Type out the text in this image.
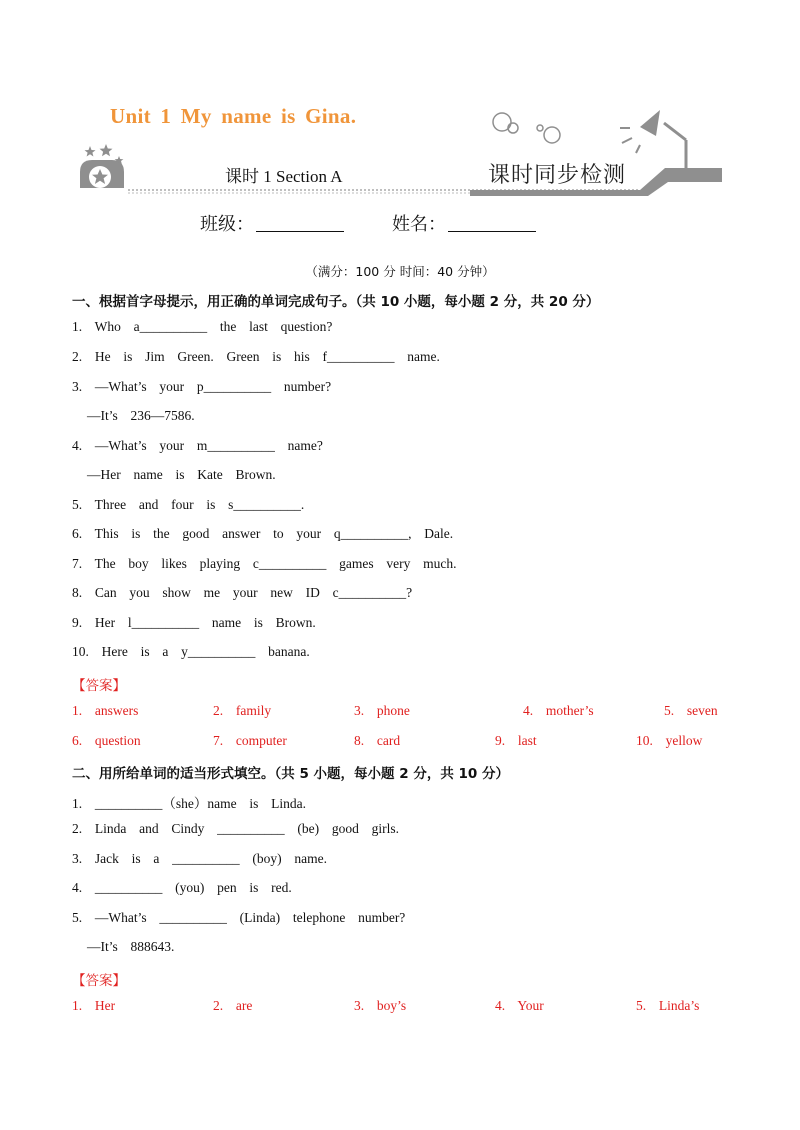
Unit 1 My name is Gina.
课时 1 Section A	课时同步检测
班级：	姓名：
（满分：100 分 时间：40 分钟）
一、根据首字母提示，用正确的单词完成句子。（共 10 小题，每小题 2 分，共 20 分）
1.  Who  a__________  the  last  question?
2.  He  is  Jim  Green.  Green  is  his  f__________  name.
3.  —What’s  your  p__________  number?
—It’s  236—7586.
4.  —What’s  your  m__________  name?
—Her  name  is  Kate  Brown.
5.  Three  and  four  is  s__________.
6.  This  is  the  good  answer  to  your  q__________,  Dale.
7.  The  boy  likes  playing  c__________  games  very  much.
8.  Can  you  show  me  your  new  ID  c__________?
9.  Her  l__________  name  is  Brown.
10.  Here  is  a  y__________  banana.
【答案】
1.  answers	2.  family	3.  phone	4.  mother’s	5.  seven
6.  question	7.  computer	8.  card	9.  last	10.  yellow
二、用所给单词的适当形式填空。（共 5 小题，每小题 2 分，共 10 分）
1.  __________（she）name  is  Linda.
2.  Linda  and  Cindy  __________  (be)  good  girls.
3.  Jack  is  a  __________  (boy)  name.
4.  __________  (you)  pen  is  red.
5.  —What’s  __________  (Linda)  telephone  number?
—It’s  888643.
【答案】
1.  Her	2.  are	3.  boy’s	4.  Your	5.  Linda’s
